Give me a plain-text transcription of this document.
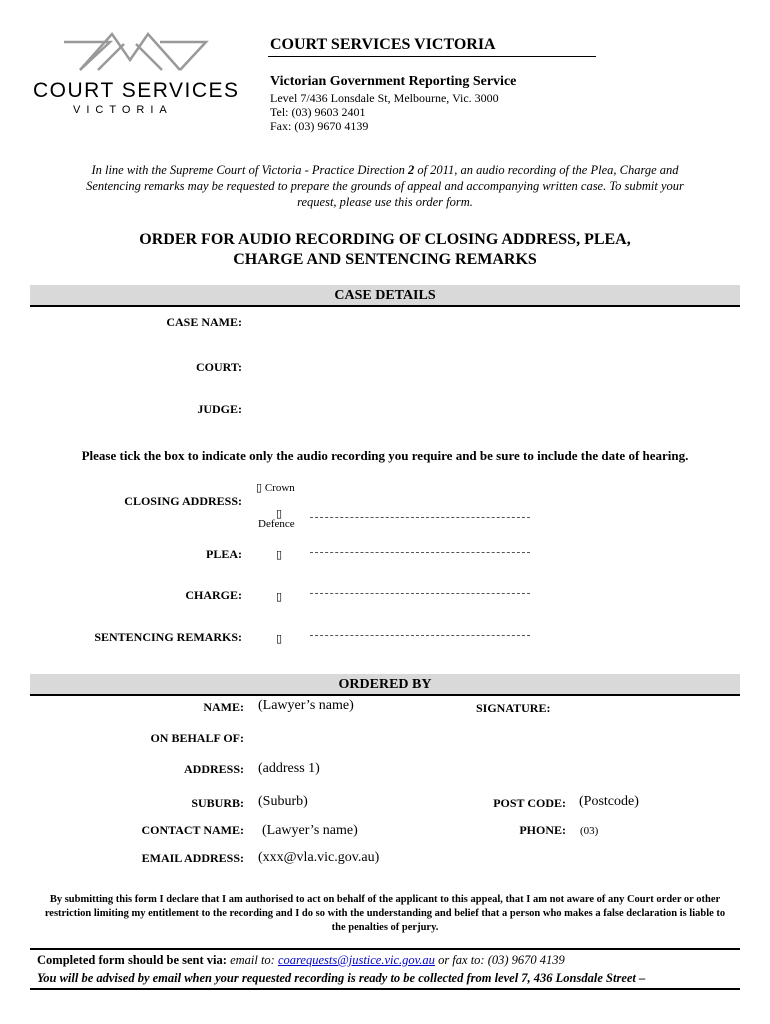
COURT SERVICES
VICTORIA
COURT SERVICES VICTORIA
Victorian Government Reporting Service
Level 7/436 Lonsdale St, Melbourne, Vic. 3000
Tel: (03) 9603 2401
Fax: (03) 9670 4139
In line with the Supreme Court of Victoria - Practice Direction 2 of 2011, an audio recording of the Plea, Charge and Sentencing remarks may be requested to prepare the grounds of appeal and accompanying written case. To submit your request, please use this order form.
ORDER FOR AUDIO RECORDING OF CLOSING ADDRESS, PLEA,
CHARGE AND SENTENCING REMARKS
CASE DETAILS
CASE NAME:
COURT:
JUDGE:
Please tick the box to indicate only the audio recording you require and be sure to include the date of hearing.
CLOSING ADDRESS:
▯ Crown
▯
Defence
PLEA:	▯
CHARGE:	▯
SENTENCING REMARKS:	▯
ORDERED BY
NAME: (Lawyer’s name)	SIGNATURE:
ON BEHALF OF:
ADDRESS: (address 1)
SUBURB: (Suburb)	POST CODE: (Postcode)
CONTACT NAME: (Lawyer’s name)	PHONE: (03)
EMAIL ADDRESS: (xxx@vla.vic.gov.au)
By submitting this form I declare that I am authorised to act on behalf of the applicant to this appeal, that I am not aware of any Court order or other restriction limiting my entitlement to the recording and I do so with the understanding and belief that a person who makes a false declaration is liable to the penalties of perjury.
Completed form should be sent via: email to: coarequests@justice.vic.gov.au or fax to: (03) 9670 4139
You will be advised by email when your requested recording is ready to be collected from level 7, 436 Lonsdale Street –
